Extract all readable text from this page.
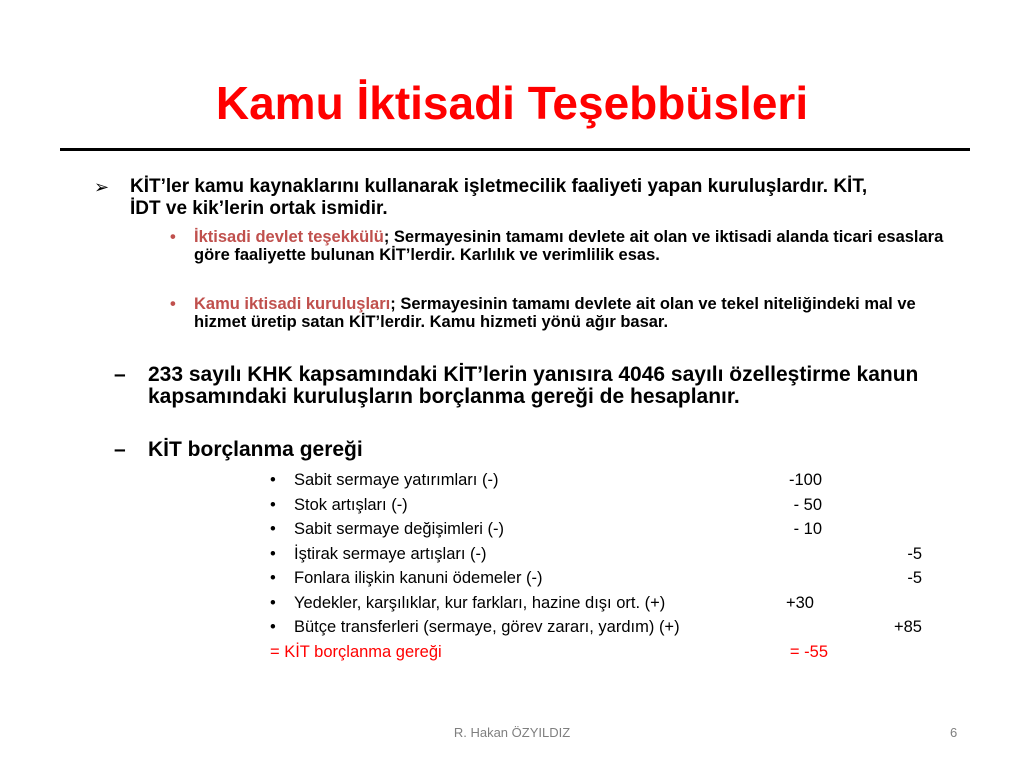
Kamu İktisadi Teşebbüsleri
➢ KİT’ler kamu kaynaklarını kullanarak işletmecilik faaliyeti yapan kuruluşlardır. KİT, İDT ve kik’lerin ortak ismidir.
• İktisadi devlet teşekkülü; Sermayesinin tamamı devlete ait olan ve iktisadi alanda ticari esaslara göre faaliyette bulunan KİT’lerdir. Karlılık ve verimlilik esas.
• Kamu iktisadi kuruluşları; Sermayesinin tamamı devlete ait olan ve tekel niteliğindeki mal ve hizmet üretip satan KİT’lerdir. Kamu hizmeti yönü ağır basar.
– 233 sayılı KHK kapsamındaki KİT’lerin yanısıra 4046 sayılı özelleştirme kanun kapsamındaki kuruluşların borçlanma gereği de hesaplanır.
– KİT borçlanma gereği
• Sabit sermaye yatırımları (-)	-100
• Stok artışları (-)	- 50
• Sabit sermaye değişimleri (-)	- 10
• İştirak sermaye artışları (-)	-5
• Fonlara ilişkin kanuni ödemeler (-)	-5
• Yedekler, karşılıklar, kur farkları, hazine dışı ort. (+)	+30
• Bütçe transferleri (sermaye, görev zararı, yardım) (+)	+85
= KİT borçlanma gereği	= -55
R. Hakan ÖZYILDIZ	6
